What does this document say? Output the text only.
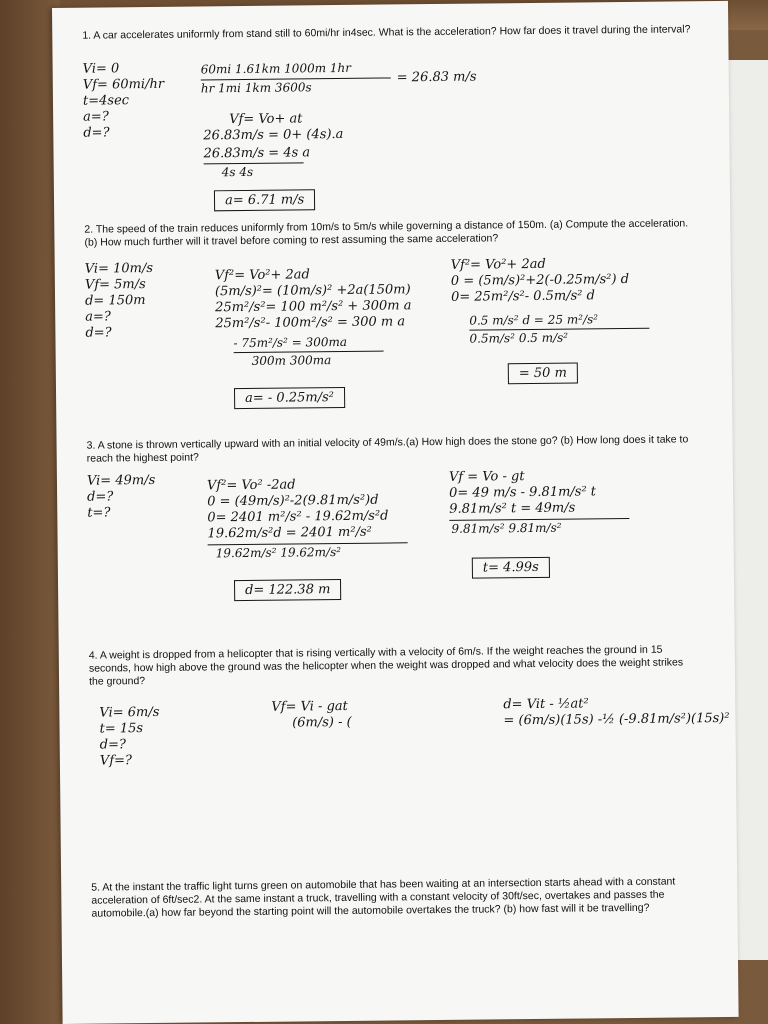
1. A car accelerates uniformly from stand still to 60mi/hr in4sec. What is the acceleration? How far does it travel during the interval?
Vi= 0
Vf= 60mi/hr
t=4sec
a=?
d=?
60mi 1.61km 1000m 1hr
hr 1mi 1km 3600s
= 26.83 m/s
Vf= Vo+ at
26.83m/s = 0+ (4s).a
26.83m/s = 4s a
4s 4s
a= 6.71 m/s
2. The speed of the train reduces uniformly from 10m/s to 5m/s while governing a distance of 150m. (a) Compute the acceleration. (b) How much further will it travel before coming to rest assuming the same acceleration?
Vi= 10m/s
Vf= 5m/s
d= 150m
a=?
d=?
Vf²= Vo²+ 2ad
(5m/s)²= (10m/s)² +2a(150m)
25m²/s²= 100 m²/s² + 300m a
25m²/s²- 100m²/s² = 300 m a
- 75m²/s² = 300ma
300m 300ma
a= - 0.25m/s²
Vf²= Vo²+ 2ad
0 = (5m/s)²+2(-0.25m/s²) d
0= 25m²/s²- 0.5m/s² d
0.5 m/s² d = 25 m²/s²
0.5m/s² 0.5 m/s²
= 50 m
3. A stone is thrown vertically upward with an initial velocity of 49m/s.(a) How high does the stone go? (b) How long does it take to reach the highest point?
Vi= 49m/s
d=?
t=?
Vf²= Vo² -2ad
0 = (49m/s)²-2(9.81m/s²)d
0= 2401 m²/s² - 19.62m/s²d
19.62m/s²d = 2401 m²/s²
19.62m/s² 19.62m/s²
d= 122.38 m
Vf = Vo - gt
0= 49 m/s - 9.81m/s² t
9.81m/s² t = 49m/s
9.81m/s² 9.81m/s²
t= 4.99s
4. A weight is dropped from a helicopter that is rising vertically with a velocity of 6m/s. If the weight reaches the ground in 15 seconds, how high above the ground was the helicopter when the weight was dropped and what velocity does the weight strikes the ground?
Vi= 6m/s
t= 15s
d=?
Vf=?
Vf= Vi - gat
(6m/s) - (
d= Vit - ½at²
= (6m/s)(15s) -½ (-9.81m/s²)(15s)²
5. At the instant the traffic light turns green on automobile that has been waiting at an intersection starts ahead with a constant acceleration of 6ft/sec2. At the same instant a truck, travelling with a constant velocity of 30ft/sec, overtakes and passes the automobile.(a) how far beyond the starting point will the automobile overtakes the truck? (b) how fast will it be travelling?
